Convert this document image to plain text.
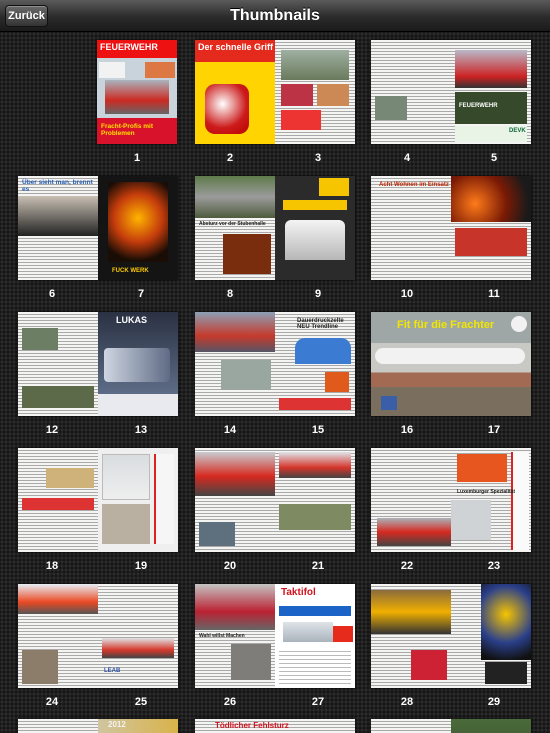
Zurück	Thumbnails
FEUERWEHR
Fracht-Profis mit Problemen
Der schnelle Griff
FEUERWEHR
DEVK
1	2	3	4	5
Über sieht man, brennt es
FUCK WERK
Absturz vor der Stubenhalle
Acht Wohnen im Einsatz
6	7	8	9	10	11
LUKAS	Dauerdruckzelte NEU Trendline	Fit für die Frachter
12	13	14	15	16	17
Luxemburger Spezialität
18	19	20	21	22	23
LEAB
Wahl willst Machen
Taktifol
24	25	26	27	28	29
2012	Tödlicher Fehlsturz
